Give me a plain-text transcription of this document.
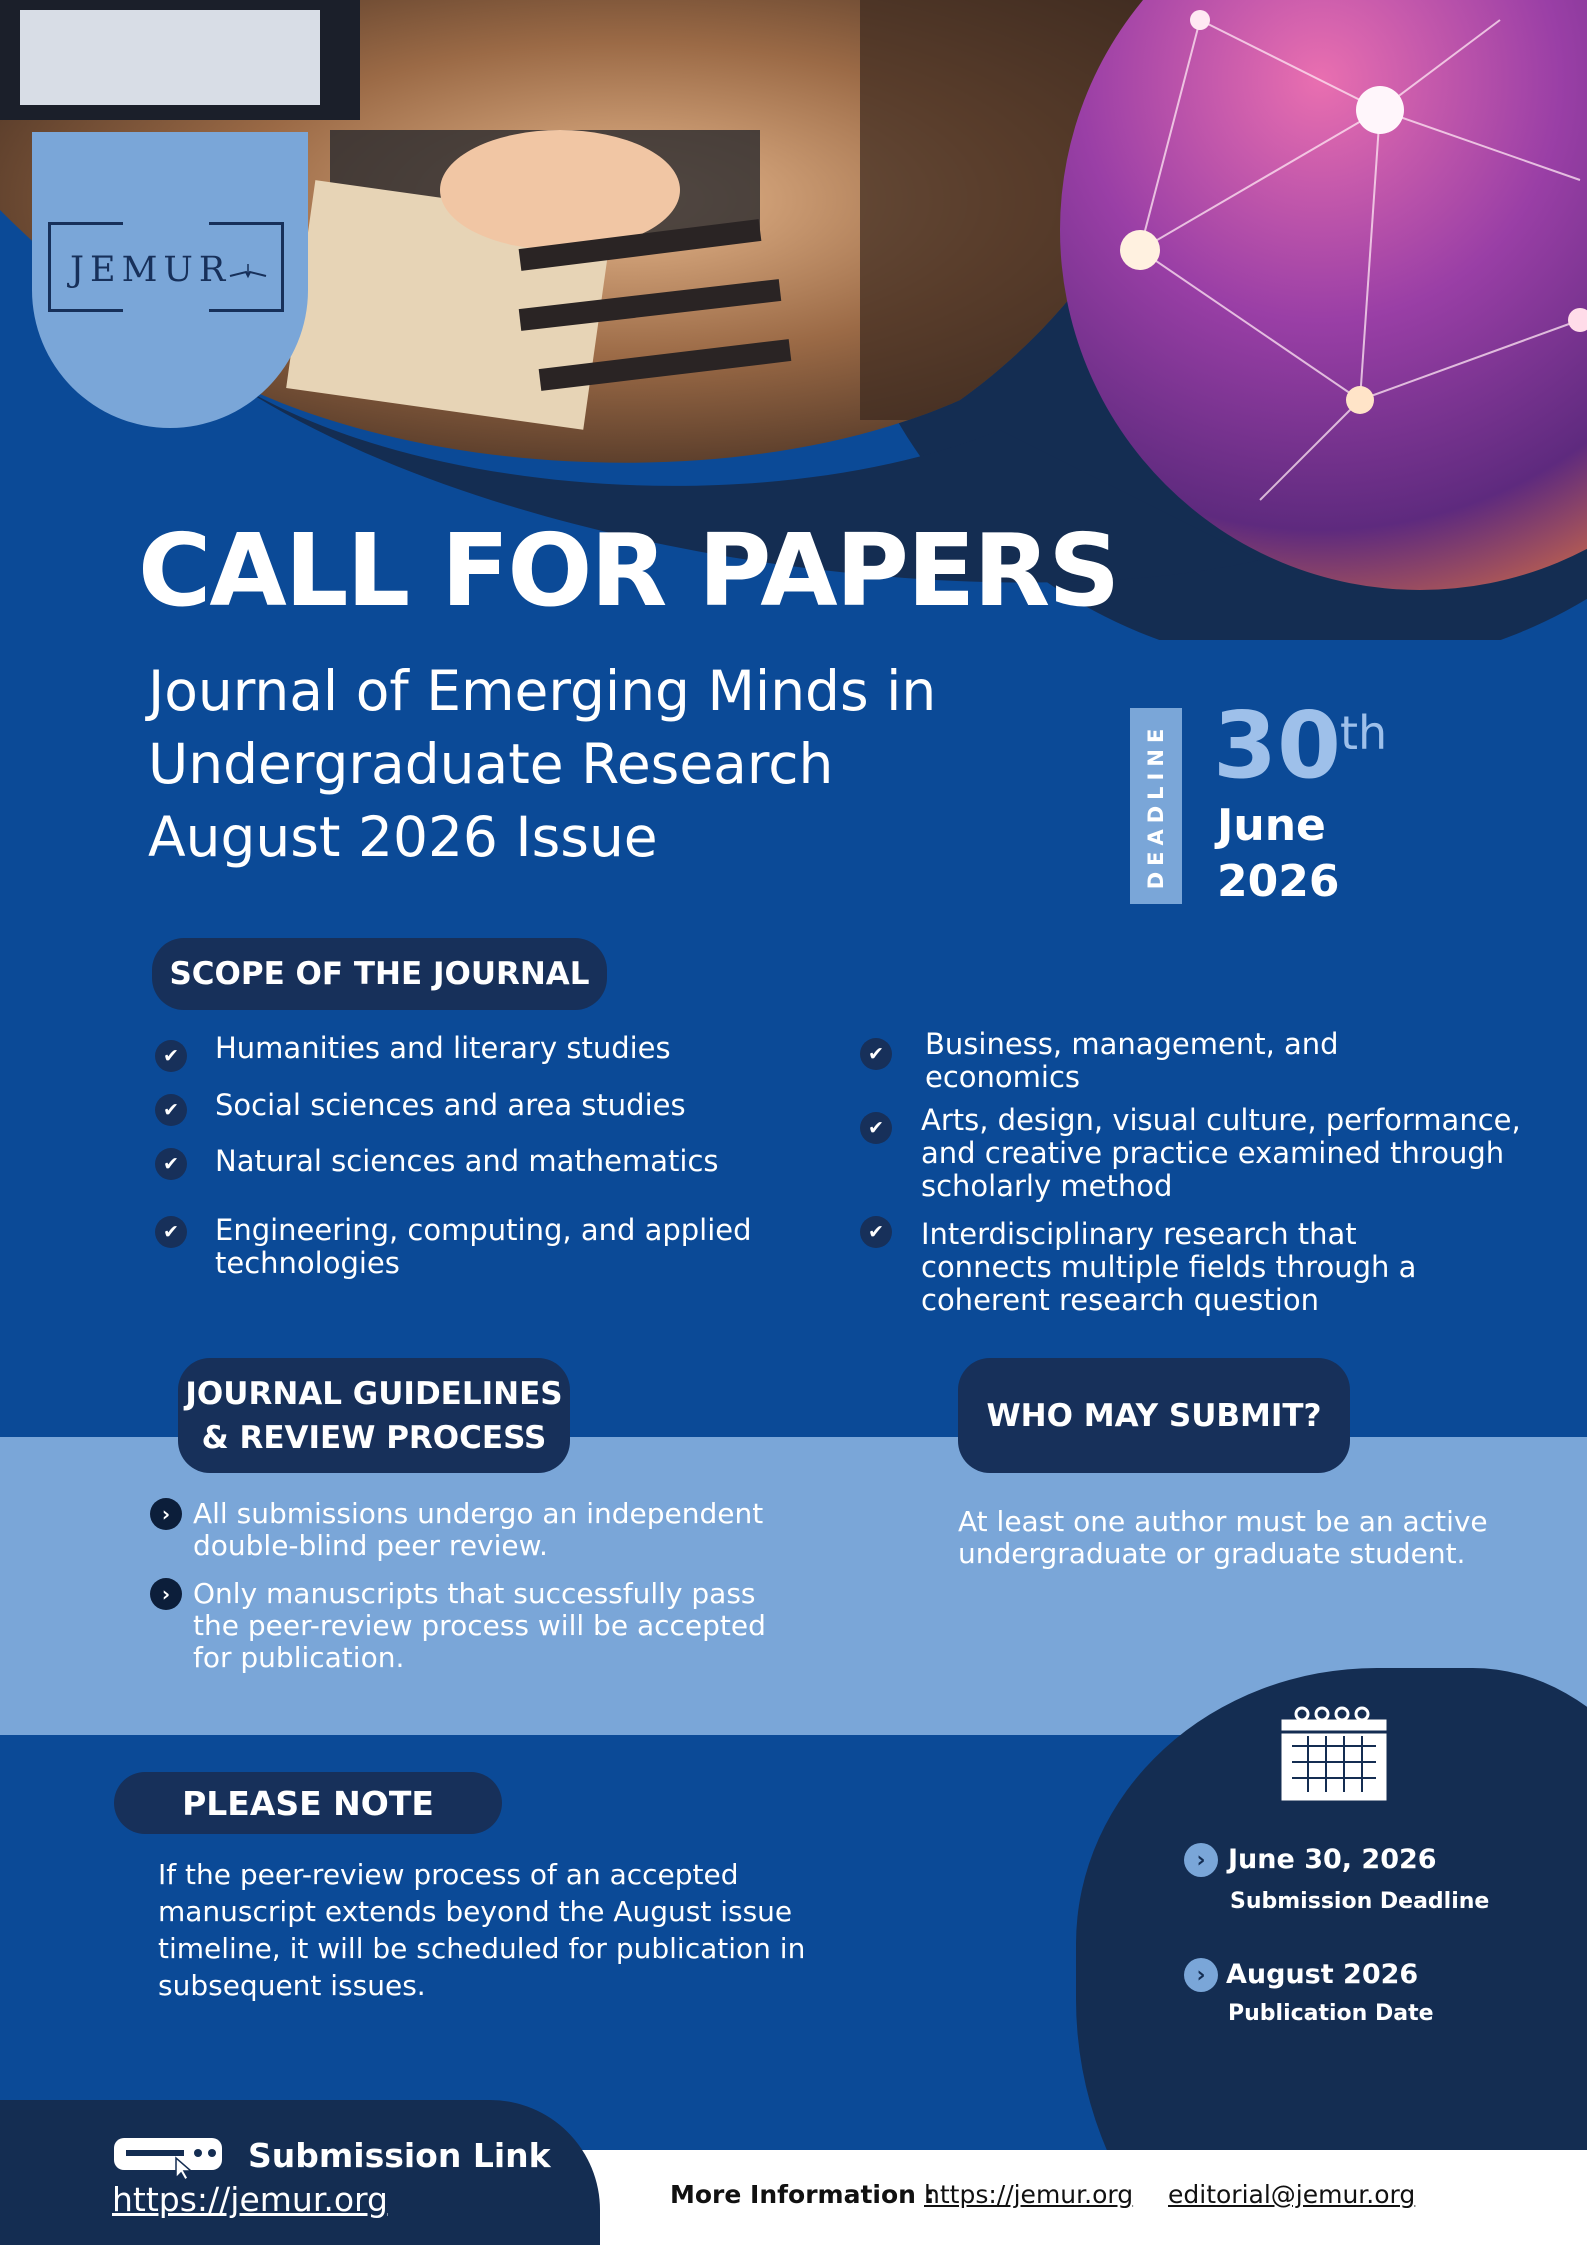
JEMUR
CALL FOR PAPERS
Journal of Emerging Minds in
Undergraduate Research
August 2026 Issue	DEADLINE 30
th
June
2026
SCOPE OF THE JOURNAL
✔ Humanities and literary studies
✔ Social sciences and area studies
✔ Natural sciences and mathematics
✔ Engineering, computing, and applied technologies
✔ Business, management, and economics
✔ Arts, design, visual culture, performance, and creative practice examined through scholarly method
✔ Interdisciplinary research that connects multiple fields through a coherent research question
JOURNAL GUIDELINES
& REVIEW PROCESS
WHO MAY SUBMIT?
› All submissions undergo an independent double-blind peer review.
› Only manuscripts that successfully pass the peer-review process will be accepted for publication.
At least one author must be an active undergraduate or graduate student.
PLEASE NOTE
If the peer-review process of an accepted manuscript extends beyond the August issue timeline, it will be scheduled for publication in subsequent issues.
› June 30, 2026
Submission Deadline
› August 2026
Publication Date
Submission Link
https://jemur.org	More Information :
https://jemur.org editorial@jemur.org
